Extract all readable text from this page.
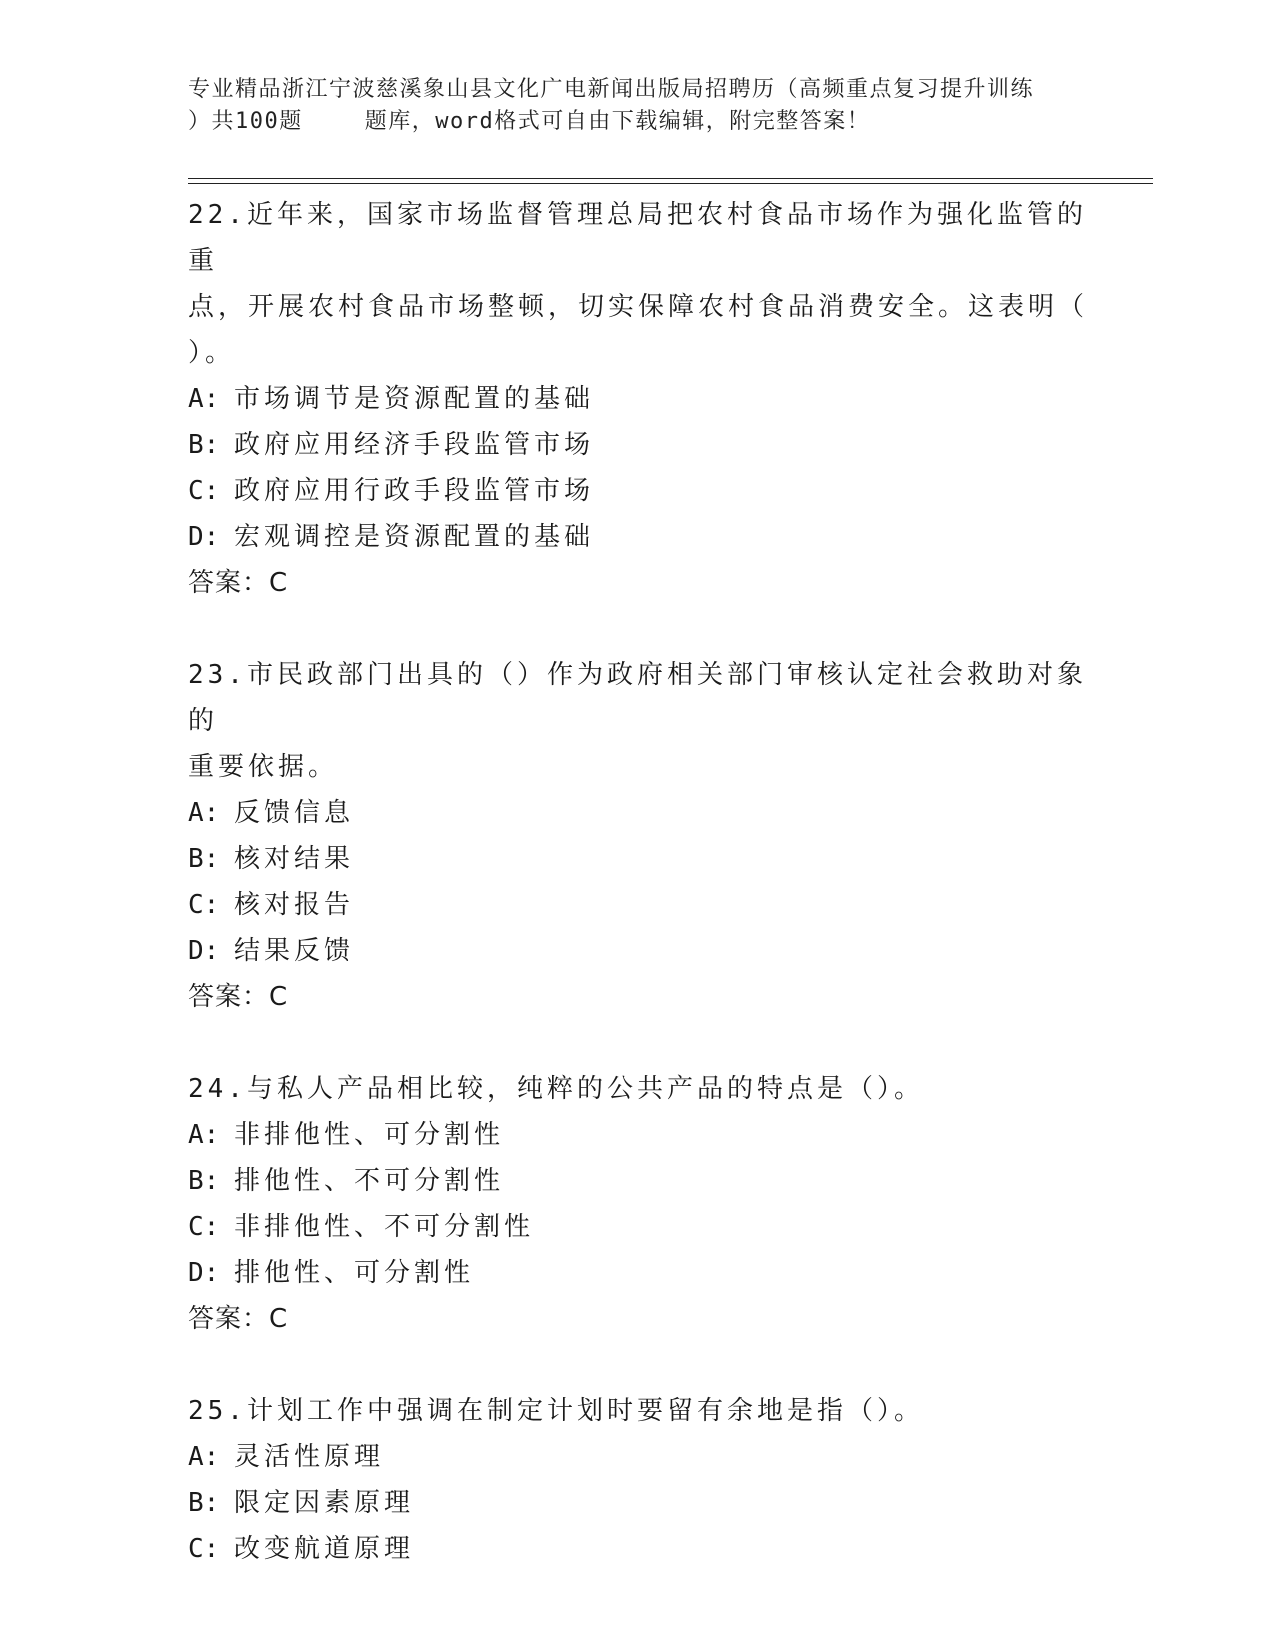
专业精品浙江宁波慈溪象山县文化广电新闻出版局招聘历（高频重点复习提升训练
）共100题	题库，word格式可自由下载编辑，附完整答案！

22.近年来，国家市场监督管理总局把农村食品市场作为强化监管的重

点，开展农村食品市场整顿，切实保障农村食品消费安全。这表明（

）。

A: 市场调节是资源配置的基础

B: 政府应用经济手段监管市场

C: 政府应用行政手段监管市场

D: 宏观调控是资源配置的基础

答案：C

23.市民政部门出具的（）作为政府相关部门审核认定社会救助对象的

重要依据。

A: 反馈信息

B: 核对结果

C: 核对报告

D: 结果反馈

答案：C

24.与私人产品相比较，纯粹的公共产品的特点是（）。

A: 非排他性、可分割性

B: 排他性、不可分割性

C: 非排他性、不可分割性

D: 排他性、可分割性

答案：C

25.计划工作中强调在制定计划时要留有余地是指（）。

A: 灵活性原理

B: 限定因素原理

C: 改变航道原理
